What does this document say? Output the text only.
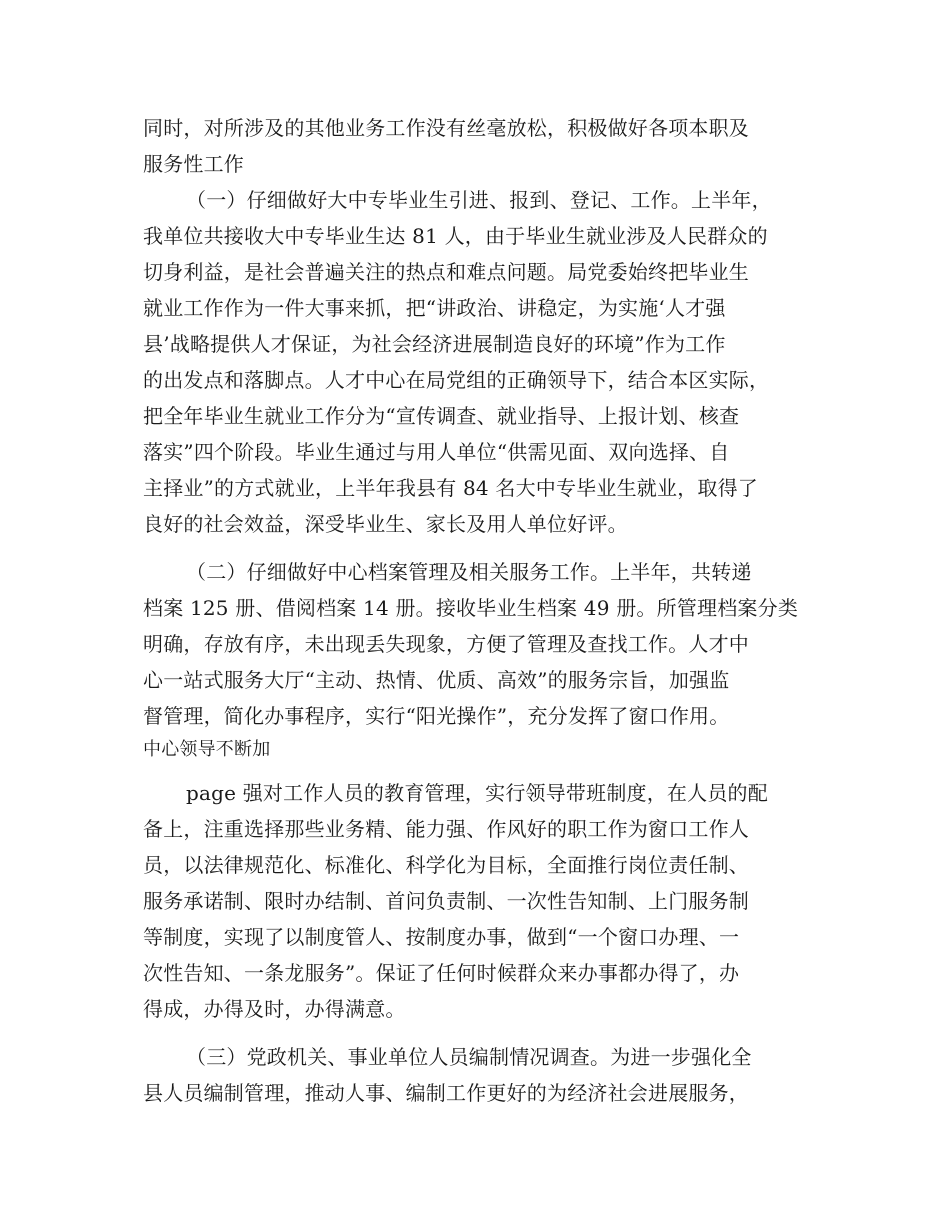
同时，对所涉及的其他业务工作没有丝毫放松，积极做好各项本职及
服务性工作
（一）仔细做好大中专毕业生引进、报到、登记、工作。上半年，
我单位共接收大中专毕业生达 81 人，由于毕业生就业涉及人民群众的
切身利益，是社会普遍关注的热点和难点问题。局党委始终把毕业生
就业工作作为一件大事来抓，把“讲政治、讲稳定，为实施‘人才强
县’战略提供人才保证，为社会经济进展制造良好的环境”作为工作
的出发点和落脚点。人才中心在局党组的正确领导下，结合本区实际，
把全年毕业生就业工作分为“宣传调查、就业指导、上报计划、核查
落实”四个阶段。毕业生通过与用人单位“供需见面、双向选择、自
主择业”的方式就业，上半年我县有 84 名大中专毕业生就业，取得了
良好的社会效益，深受毕业生、家长及用人单位好评。
（二）仔细做好中心档案管理及相关服务工作。上半年，共转递
档案 125 册、借阅档案 14 册。接收毕业生档案 49 册。所管理档案分类
明确，存放有序，未出现丢失现象，方便了管理及查找工作。人才中
心一站式服务大厅“主动、热情、优质、高效”的服务宗旨，加强监
督管理，简化办事程序，实行“阳光操作”，充分发挥了窗口作用。
中心领导不断加
page 强对工作人员的教育管理，实行领导带班制度，在人员的配
备上，注重选择那些业务精、能力强、作风好的职工作为窗口工作人
员，以法律规范化、标准化、科学化为目标，全面推行岗位责任制、
服务承诺制、限时办结制、首问负责制、一次性告知制、上门服务制
等制度，实现了以制度管人、按制度办事，做到“一个窗口办理、一
次性告知、一条龙服务”。保证了任何时候群众来办事都办得了，办
得成，办得及时，办得满意。
（三）党政机关、事业单位人员编制情况调查。为进一步强化全
县人员编制管理，推动人事、编制工作更好的为经济社会进展服务，
